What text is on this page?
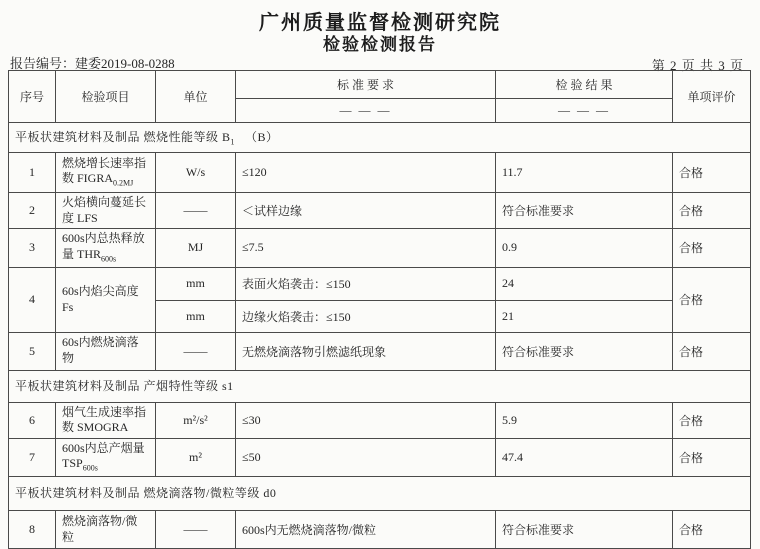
广州质量监督检测研究院
检验检测报告
报告编号：建委2019-08-0288	第 2 页 共 3 页
序号	检验项目	单位	标 准 要 求	检 验 结 果	单项评价
			— — —	— — —	
平板状建筑材料及制品 燃烧性能等级 $B_1$ （B）					
1	燃烧增长速率指数 $FIGRA_{0.2MJ}$	W/s	≤120	11.7	合格
2	火焰横向蔓延长度 LFS	——	＜试样边缘	符合标准要求	合格
3	600s内总热释放量 $THR_{600s}$	MJ	≤7.5	0.9	合格
4	60s内焰尖高度 Fs	mm	表面火焰袭击：≤150	24	合格
		mm	边缘火焰袭击：≤150	21	
5	60s内燃烧滴落物	——	无燃烧滴落物引燃滤纸现象	符合标准要求	合格
平板状建筑材料及制品 产烟特性等级 s1					
6	烟气生成速率指数 SMOGRA	m²/s²	≤30	5.9	合格
7	600s内总产烟量 $TSP_{600s}$	m²	≤50	47.4	合格
平板状建筑材料及制品 燃烧滴落物/微粒等级 d0					
8	燃烧滴落物/微粒	——	600s内无燃烧滴落物/微粒	符合标准要求	合格
